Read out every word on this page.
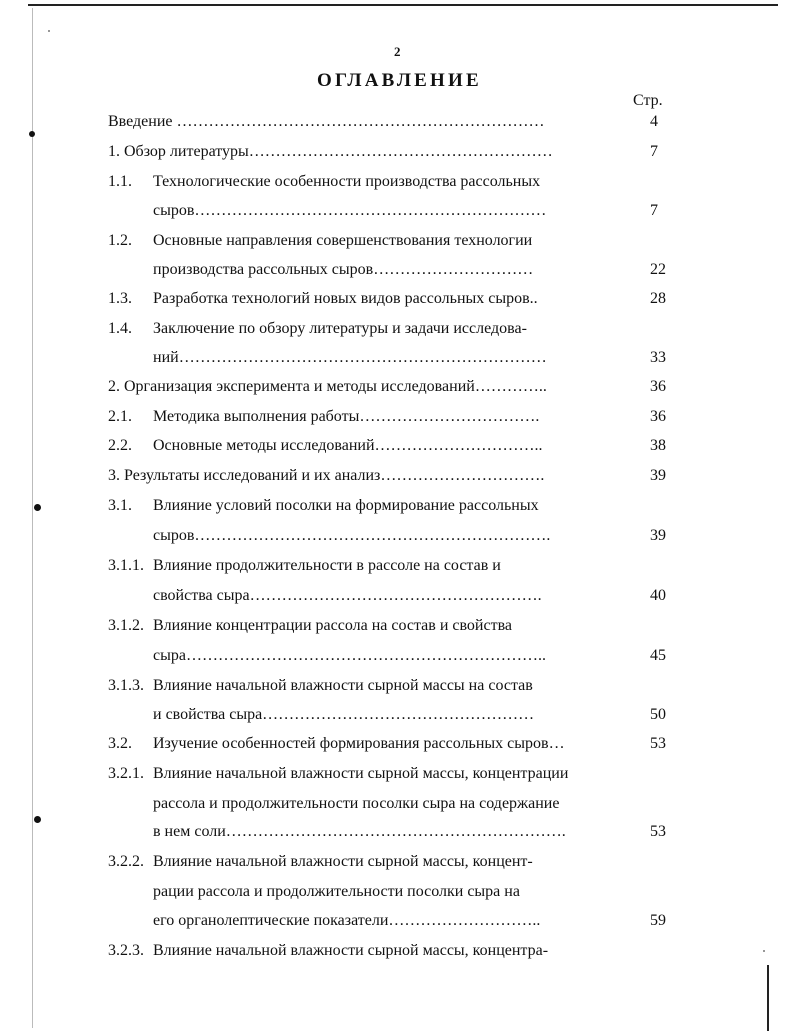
2
ОГЛАВЛЕНИЕ
Стр.
Введение ……………………………………………………………	4
1. Обзор литературы…………………………………………………	7
1.1. Технологические особенности производства рассольных
сыров…………………………………………………………	7
1.2. Основные направления совершенствования технологии
производства рассольных сыров…………………………	22
1.3. Разработка технологий новых видов рассольных сыров..	28
1.4. Заключение по обзору литературы и задачи исследова-
ний……………………………………………………………	33
2. Организация эксперимента и методы исследований…………..	36
2.1. Методика выполнения работы…………………………….	36
2.2. Основные методы исследований…………………………..	38
3. Результаты исследований и их анализ………………………….	39
3.1. Влияние условий посолки на формирование рассольных
сыров………………………………………………………….	39
3.1.1. Влияние продолжительности в рассоле на состав и
свойства сыра……………………………………………….	40
3.1.2. Влияние концентрации рассола на состав и свойства
сыра…………………………………………………………..	45
3.1.3. Влияние начальной влажности сырной массы на состав
и свойства сыра……………………………………………	50
3.2. Изучение особенностей формирования рассольных сыров…	53
3.2.1. Влияние начальной влажности сырной массы, концентрации
рассола и продолжительности посолки сыра на содержание
в нем соли……………………………………………………….	53
3.2.2. Влияние начальной влажности сырной массы, концент-
рации рассола и продолжительности посолки сыра на
его органолептические показатели………………………..	59
3.2.3. Влияние начальной влажности сырной массы, концентра-
